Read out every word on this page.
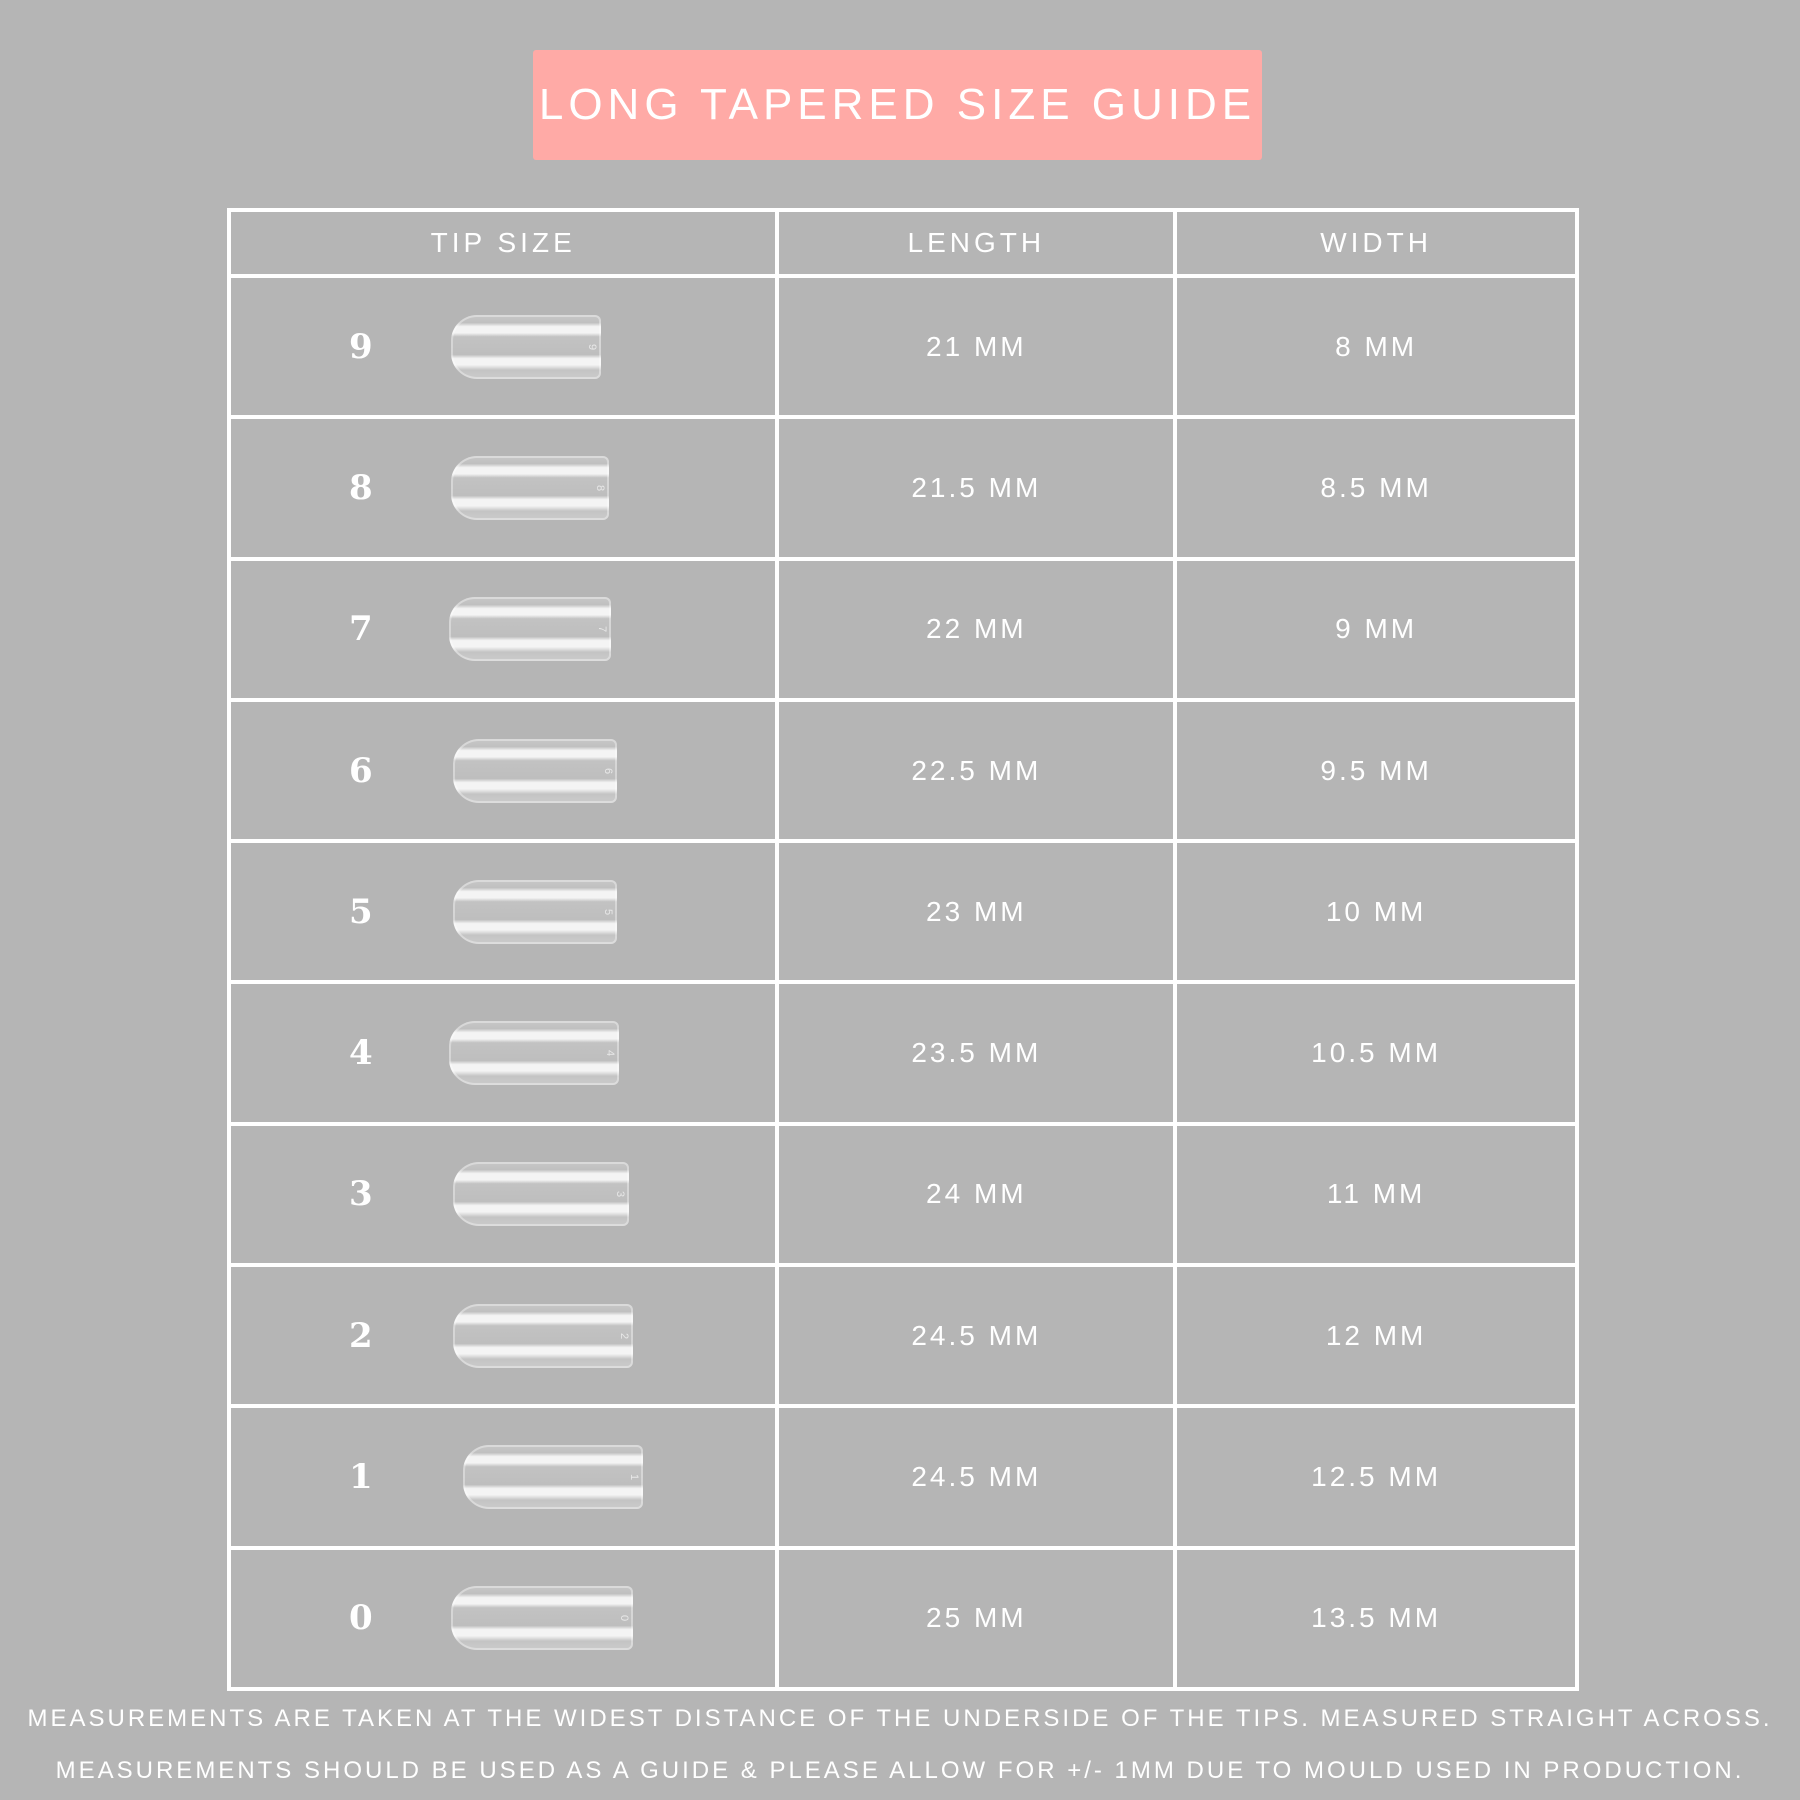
LONG TAPERED SIZE GUIDE
TIP SIZE	LENGTH	WIDTH

9 9	21 MM	8 MM

8 8	21.5 MM	8.5 MM

7 7	22 MM	9 MM

6 6	22.5 MM	9.5 MM

5 5	23 MM	10 MM

4 4	23.5 MM	10.5 MM

3 3	24 MM	11 MM

2 2	24.5 MM	12 MM

1 1	24.5 MM	12.5 MM

0 0	25 MM	13.5 MM
MEASUREMENTS ARE TAKEN AT THE WIDEST DISTANCE OF THE UNDERSIDE OF THE TIPS. MEASURED STRAIGHT ACROSS.
MEASUREMENTS SHOULD BE USED AS A GUIDE & PLEASE ALLOW FOR +/- 1MM DUE TO MOULD USED IN PRODUCTION.
